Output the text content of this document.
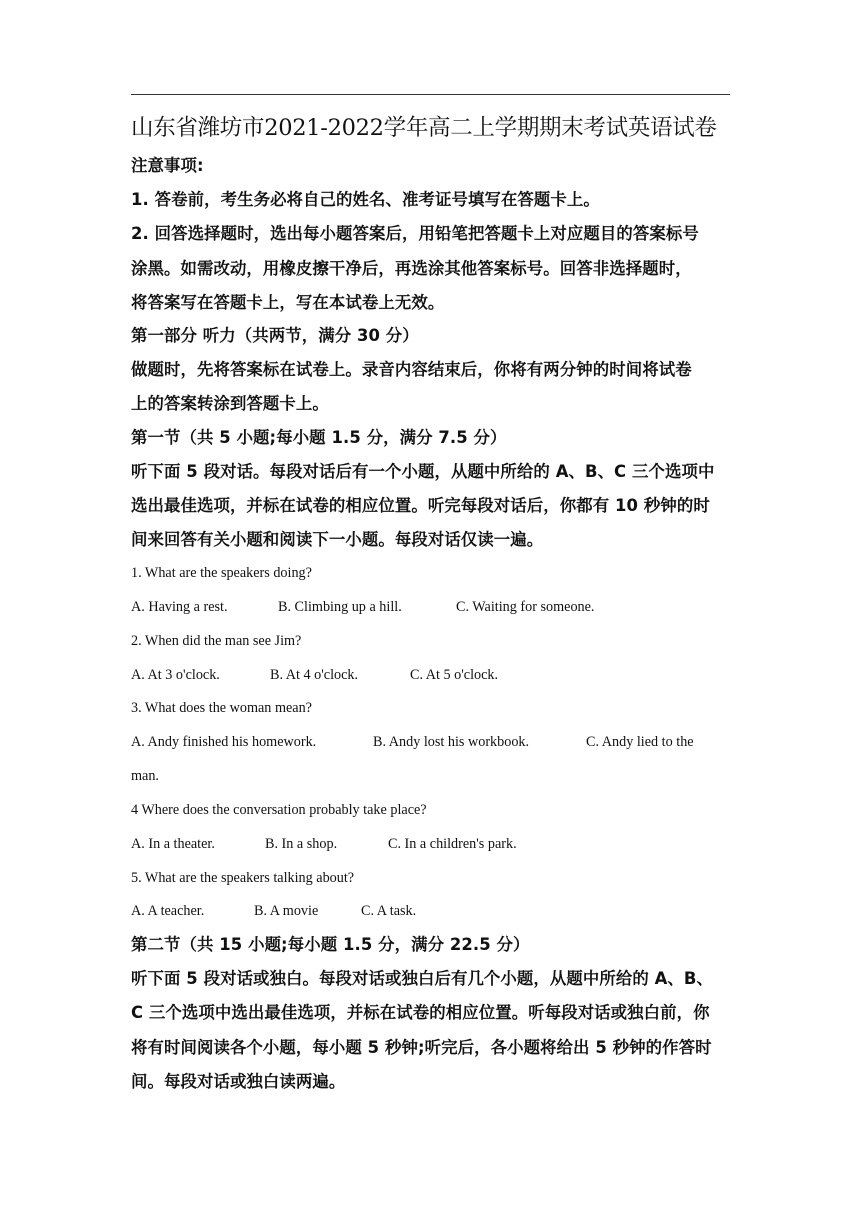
山东省潍坊市2021-2022学年高二上学期期末考试英语试卷
注意事项:
1. 答卷前，考生务必将自己的姓名、准考证号填写在答题卡上。
2. 回答选择题时，选出每小题答案后，用铅笔把答题卡上对应题目的答案标号
涂黑。如需改动，用橡皮擦干净后，再选涂其他答案标号。回答非选择题时，
将答案写在答题卡上，写在本试卷上无效。
第一部分 听力（共两节，满分 30 分）
做题时，先将答案标在试卷上。录音内容结束后，你将有两分钟的时间将试卷
上的答案转涂到答题卡上。
第一节（共 5 小题;每小题 1.5 分，满分 7.5 分）
听下面 5 段对话。每段对话后有一个小题，从题中所给的 A、B、C 三个选项中
选出最佳选项，并标在试卷的相应位置。听完每段对话后，你都有 10 秒钟的时
间来回答有关小题和阅读下一小题。每段对话仅读一遍。
1. What are the speakers doing?
A. Having a rest.	B. Climbing up a hill.	C. Waiting for someone.
2. When did the man see Jim?
A. At 3 o'clock.	B. At 4 o'clock.	C. At 5 o'clock.
3. What does the woman mean?
A. Andy finished his homework.	B. Andy lost his workbook.	C. Andy lied to the
man.
4 Where does the conversation probably take place?
A. In a theater.	B. In a shop.	C. In a children's park.
5. What are the speakers talking about?
A. A teacher.	B. A movie	C. A task.
第二节（共 15 小题;每小题 1.5 分，满分 22.5 分）
听下面 5 段对话或独白。每段对话或独白后有几个小题，从题中所给的 A、B、
C 三个选项中选出最佳选项，并标在试卷的相应位置。听每段对话或独白前，你
将有时间阅读各个小题，每小题 5 秒钟;听完后，各小题将给出 5 秒钟的作答时
间。每段对话或独白读两遍。
